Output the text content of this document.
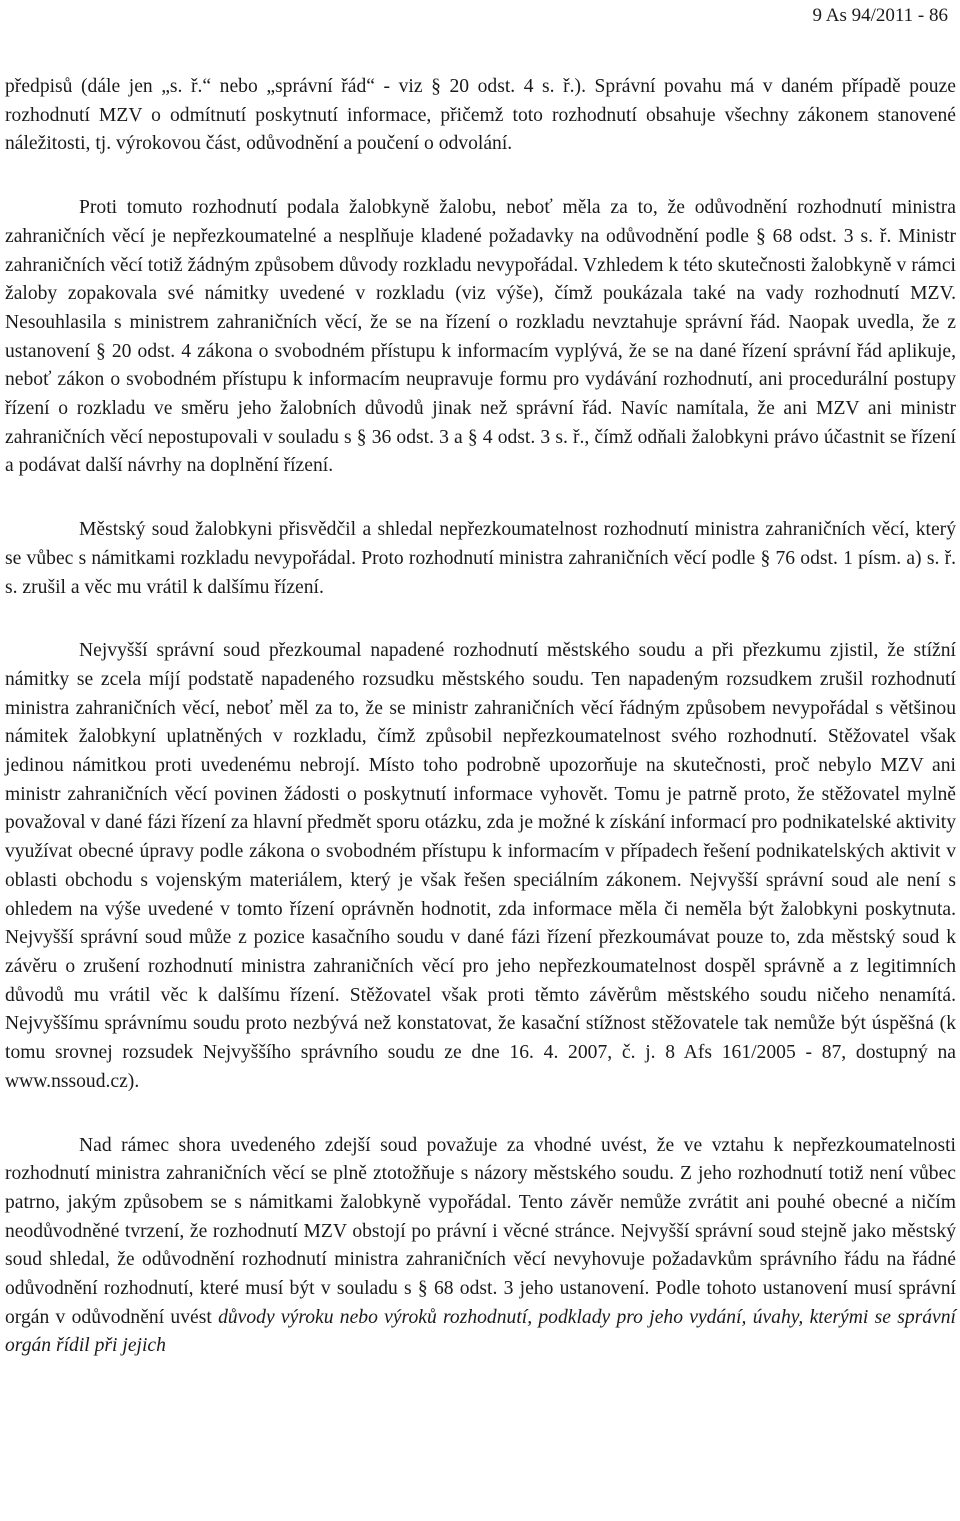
9 As 94/2011 - 86

předpisů (dále jen „s. ř.“ nebo „správní řád“ - viz § 20 odst. 4 s. ř.). Správní povahu má v daném případě pouze rozhodnutí MZV o odmítnutí poskytnutí informace, přičemž toto rozhodnutí obsahuje všechny zákonem stanovené náležitosti, tj. výrokovou část, odůvodnění a poučení o odvolání.

Proti tomuto rozhodnutí podala žalobkyně žalobu, neboť měla za to, že odůvodnění rozhodnutí ministra zahraničních věcí je nepřezkoumatelné a nesplňuje kladené požadavky na odůvodnění podle § 68 odst. 3 s. ř. Ministr zahraničních věcí totiž žádným způsobem důvody rozkladu nevypořádal. Vzhledem k této skutečnosti žalobkyně v rámci žaloby zopakovala své námitky uvedené v rozkladu (viz výše), čímž poukázala také na vady rozhodnutí MZV. Nesouhlasila s ministrem zahraničních věcí, že se na řízení o rozkladu nevztahuje správní řád. Naopak uvedla, že z ustanovení § 20 odst. 4 zákona o svobodném přístupu k informacím vyplývá, že se na dané řízení správní řád aplikuje, neboť zákon o svobodném přístupu k informacím neupravuje formu pro vydávání rozhodnutí, ani procedurální postupy řízení o rozkladu ve směru jeho žalobních důvodů jinak než správní řád. Navíc namítala, že ani MZV ani ministr zahraničních věcí nepostupovali v souladu s § 36 odst. 3 a § 4 odst. 3 s. ř., čímž odňali žalobkyni právo účastnit se řízení a podávat další návrhy na doplnění řízení.

Městský soud žalobkyni přisvědčil a shledal nepřezkoumatelnost rozhodnutí ministra zahraničních věcí, který se vůbec s námitkami rozkladu nevypořádal. Proto rozhodnutí ministra zahraničních věcí podle § 76 odst. 1 písm. a) s. ř. s. zrušil a věc mu vrátil k dalšímu řízení.

Nejvyšší správní soud přezkoumal napadené rozhodnutí městského soudu a při přezkumu zjistil, že stížní námitky se zcela míjí podstatě napadeného rozsudku městského soudu. Ten napadeným rozsudkem zrušil rozhodnutí ministra zahraničních věcí, neboť měl za to, že se ministr zahraničních věcí řádným způsobem nevypořádal s většinou námitek žalobkyní uplatněných v rozkladu, čímž způsobil nepřezkoumatelnost svého rozhodnutí. Stěžovatel však jedinou námitkou proti uvedenému nebrojí. Místo toho podrobně upozorňuje na skutečnosti, proč nebylo MZV ani ministr zahraničních věcí povinen žádosti o poskytnutí informace vyhovět. Tomu je patrně proto, že stěžovatel mylně považoval v dané fázi řízení za hlavní předmět sporu otázku, zda je možné k získání informací pro podnikatelské aktivity využívat obecné úpravy podle zákona o svobodném přístupu k informacím v případech řešení podnikatelských aktivit v oblasti obchodu s vojenským materiálem, který je však řešen speciálním zákonem. Nejvyšší správní soud ale není s ohledem na výše uvedené v tomto řízení oprávněn hodnotit, zda informace měla či neměla být žalobkyni poskytnuta. Nejvyšší správní soud může z pozice kasačního soudu v dané fázi řízení přezkoumávat pouze to, zda městský soud k závěru o zrušení rozhodnutí ministra zahraničních věcí pro jeho nepřezkoumatelnost dospěl správně a z legitimních důvodů mu vrátil věc k dalšímu řízení. Stěžovatel však proti těmto závěrům městského soudu ničeho nenamítá. Nejvyššímu správnímu soudu proto nezbývá než konstatovat, že kasační stížnost stěžovatele tak nemůže být úspěšná (k tomu srovnej rozsudek Nejvyššího správního soudu ze dne 16. 4. 2007, č. j. 8 Afs 161/2005 - 87, dostupný na www.nssoud.cz).

Nad rámec shora uvedeného zdejší soud považuje za vhodné uvést, že ve vztahu k nepřezkoumatelnosti rozhodnutí ministra zahraničních věcí se plně ztotožňuje s názory městského soudu. Z jeho rozhodnutí totiž není vůbec patrno, jakým způsobem se s námitkami žalobkyně vypořádal. Tento závěr nemůže zvrátit ani pouhé obecné a ničím neodůvodněné tvrzení, že rozhodnutí MZV obstojí po právní i věcné stránce. Nejvyšší správní soud stejně jako městský soud shledal, že odůvodnění rozhodnutí ministra zahraničních věcí nevyhovuje požadavkům správního řádu na řádné odůvodnění rozhodnutí, které musí být v souladu s § 68 odst. 3 jeho ustanovení. Podle tohoto ustanovení musí správní orgán v odůvodnění uvést důvody výroku nebo výroků rozhodnutí, podklady pro jeho vydání, úvahy, kterými se správní orgán řídil při jejich
